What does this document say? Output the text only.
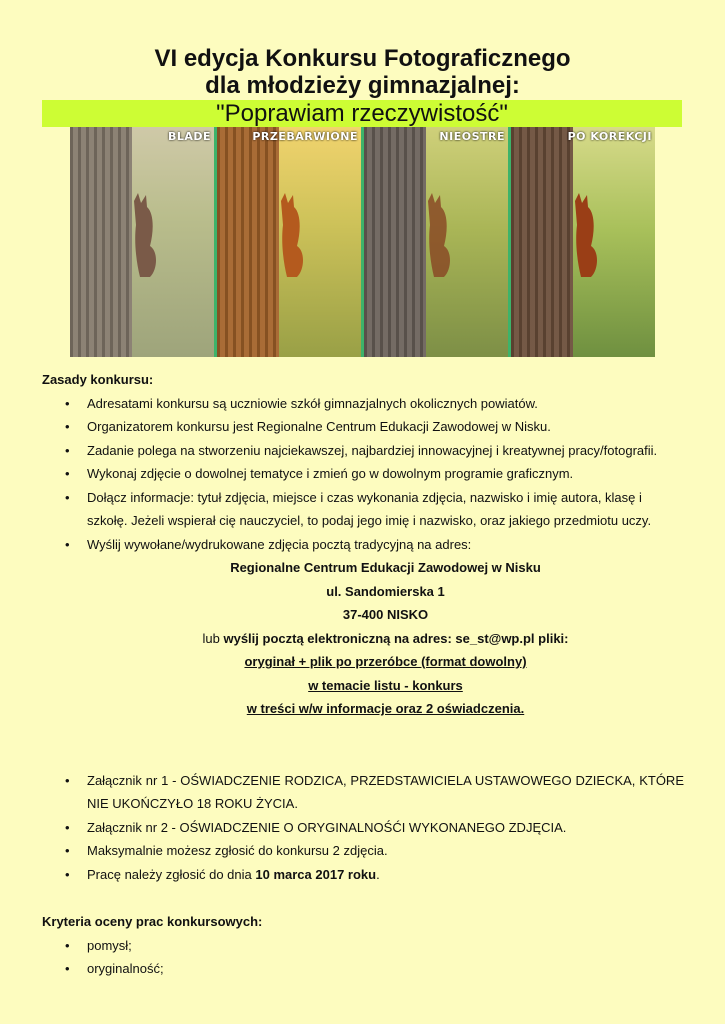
VI edycja Konkursu Fotograficznego
dla młodzieży gimnazjalnej:
"Poprawiam rzeczywistość"
BLADE	PRZEBARWIONE	NIEOSTRE	PO KOREKCJI

Zasady konkursu:

• Adresatami konkursu są uczniowie szkół gimnazjalnych okolicznych powiatów.
• Organizatorem konkursu jest Regionalne Centrum Edukacji Zawodowej w Nisku.
• Zadanie polega na stworzeniu najciekawszej, najbardziej innowacyjnej i kreatywnej pracy/fotografii.
• Wykonaj zdjęcie o dowolnej tematyce i zmień go w dowolnym programie graficznym.
• Dołącz informacje: tytuł zdjęcia, miejsce i czas wykonania zdjęcia, nazwisko i imię autora, klasę i szkołę. Jeżeli wspierał cię nauczyciel, to podaj jego imię i nazwisko, oraz jakiego przedmiotu uczy.
• Wyślij wywołane/wydrukowane zdjęcia pocztą tradycyjną na adres:
Regionalne Centrum Edukacji Zawodowej w Nisku
ul. Sandomierska 1
37-400 NISKO
lub wyślij pocztą elektroniczną na adres: se_st@wp.pl pliki:
oryginał + plik po przeróbce (format dowolny)
w temacie listu - konkurs
w treści w/w informacje oraz 2 oświadczenia.
• Załącznik nr 1 - OŚWIADCZENIE RODZICA, PRZEDSTAWICIELA USTAWOWEGO DZIECKA, KTÓRE NIE UKOŃCZYŁO 18 ROKU ŻYCIA.
• Załącznik nr 2 - OŚWIADCZENIE O ORYGINALNOŚĆI WYKONANEGO ZDJĘCIA.
• Maksymalnie możesz zgłosić do konkursu 2 zdjęcia.
• Pracę należy zgłosić do dnia 10 marca 2017 roku.

Kryteria oceny prac konkursowych:

• pomysł;
• oryginalność;
